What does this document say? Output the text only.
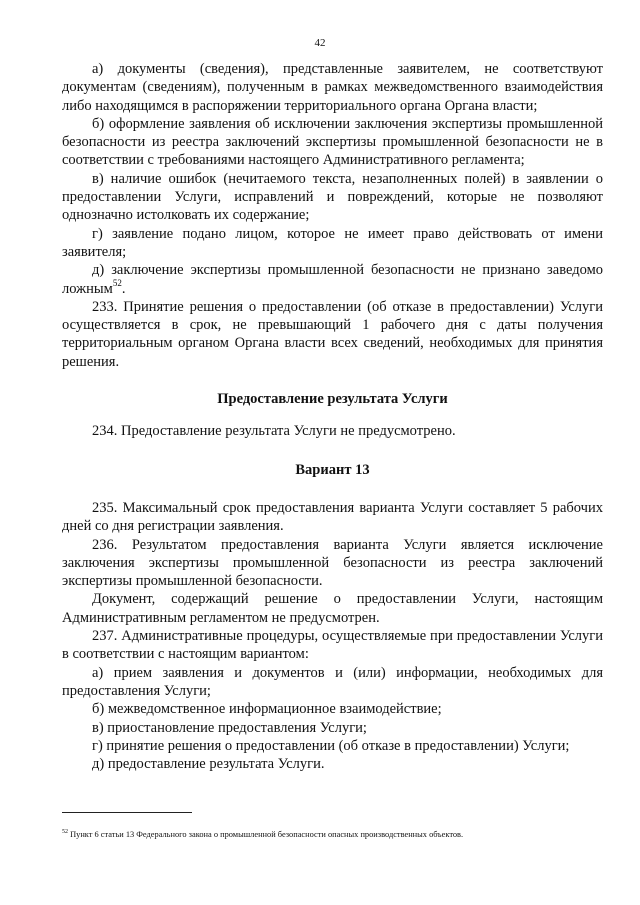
42

а) документы (сведения), представленные заявителем, не соответствуют документам (сведениям), полученным в рамках межведомственного взаимодействия либо находящимся в распоряжении территориального органа Органа власти;

б) оформление заявления об исключении заключения экспертизы промышленной безопасности из реестра заключений экспертизы промышленной безопасности не в соответствии с требованиями настоящего Административного регламента;

в) наличие ошибок (нечитаемого текста, незаполненных полей) в заявлении о предоставлении Услуги, исправлений и повреждений, которые не позволяют однозначно истолковать их содержание;

г) заявление подано лицом, которое не имеет право действовать от имени заявителя;

д) заключение экспертизы промышленной безопасности не признано заведомо ложным$^{52}$.

233. Принятие решения о предоставлении (об отказе в предоставлении) Услуги осуществляется в срок, не превышающий 1 рабочего дня с даты получения территориальным органом Органа власти всех сведений, необходимых для принятия решения.

Предоставление результата Услуги

234. Предоставление результата Услуги не предусмотрено.

Вариант 13

235. Максимальный срок предоставления варианта Услуги составляет 5 рабочих дней со дня регистрации заявления.

236. Результатом предоставления варианта Услуги является исключение заключения экспертизы промышленной безопасности из реестра заключений экспертизы промышленной безопасности.

Документ, содержащий решение о предоставлении Услуги, настоящим Административным регламентом не предусмотрен.

237. Административные процедуры, осуществляемые при предоставлении Услуги в соответствии с настоящим вариантом:

а) прием заявления и документов и (или) информации, необходимых для предоставления Услуги;

б) межведомственное информационное взаимодействие;

в) приостановление предоставления Услуги;

г) принятие решения о предоставлении (об отказе в предоставлении) Услуги;

д) предоставление результата Услуги.

$^{52}$ Пункт 6 статьи 13 Федерального закона о промышленной безопасности опасных производственных объектов.
